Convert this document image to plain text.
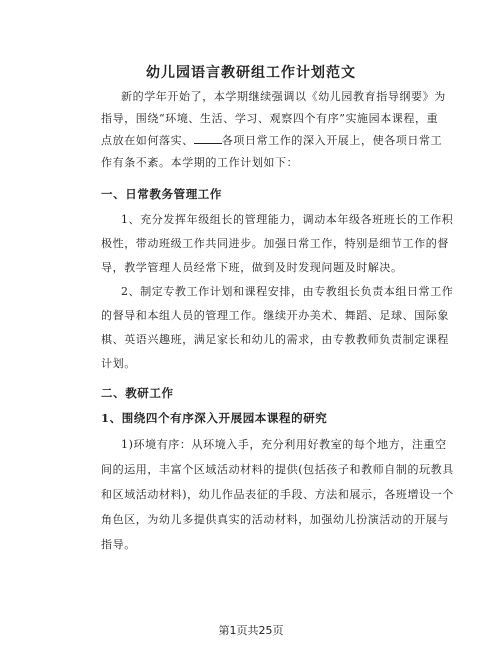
幼儿园语言教研组工作计划范文
新的学年开始了，本学期继续强调以《幼儿园教育指导纲要》为
指导，围绕“环境、生活、学习、观察四个有序”实施园本课程，重
点放在如何落实、	各项日常工作的深入开展上，使各项日常工
作有条不紊。本学期的工作计划如下：
一、日常教务管理工作
1、充分发挥年级组长的管理能力，调动本年级各班班长的工作积
极性，带动班级工作共同进步。加强日常工作，特别是细节工作的督
导，教学管理人员经常下班，做到及时发现问题及时解决。
2、制定专教工作计划和课程安排，由专教组长负责本组日常工作
的督导和本组人员的管理工作。继续开办美术、舞蹈、足球、国际象
棋、英语兴趣班，满足家长和幼儿的需求，由专教教师负责制定课程
计划。
二、教研工作
1、围绕四个有序深入开展园本课程的研究
1)环境有序：从环境入手，充分利用好教室的每个地方，注重空
间的运用，丰富个区域活动材料的提供(包括孩子和教师自制的玩教具
和区域活动材料)，幼儿作品表征的手段、方法和展示，各班增设一个
角色区，为幼儿多提供真实的活动材料，加强幼儿扮演活动的开展与
指导。
第1页共25页
